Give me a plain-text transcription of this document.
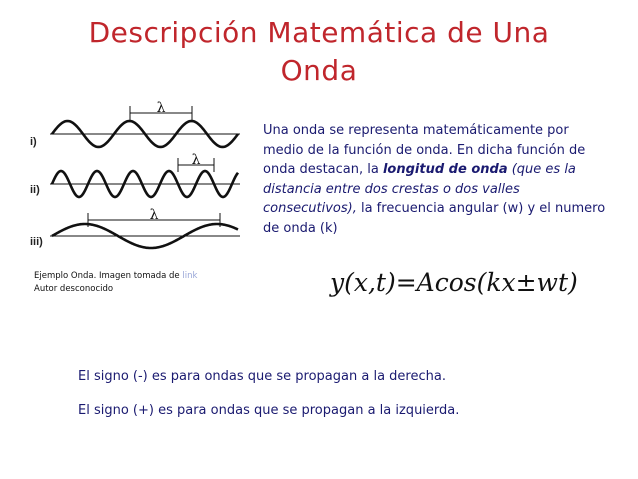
Descripción Matemática de Una
Onda
Una onda se representa matemáticamente por medio de la función de onda. En dicha función de onda destacan, la longitud de onda (que es la distancia entre dos crestas o dos valles consecutivos), la frecuencia angular (w) y el numero de onda (k)
i)
ii)
iii)
λ
λ
λ
Ejemplo Onda. Imagen tomada de link
Autor desconocido	y(x,t)=Acos(kx±wt)
El signo (-) es para ondas que se propagan a la derecha.
El signo (+) es para ondas que se propagan a la izquierda.
